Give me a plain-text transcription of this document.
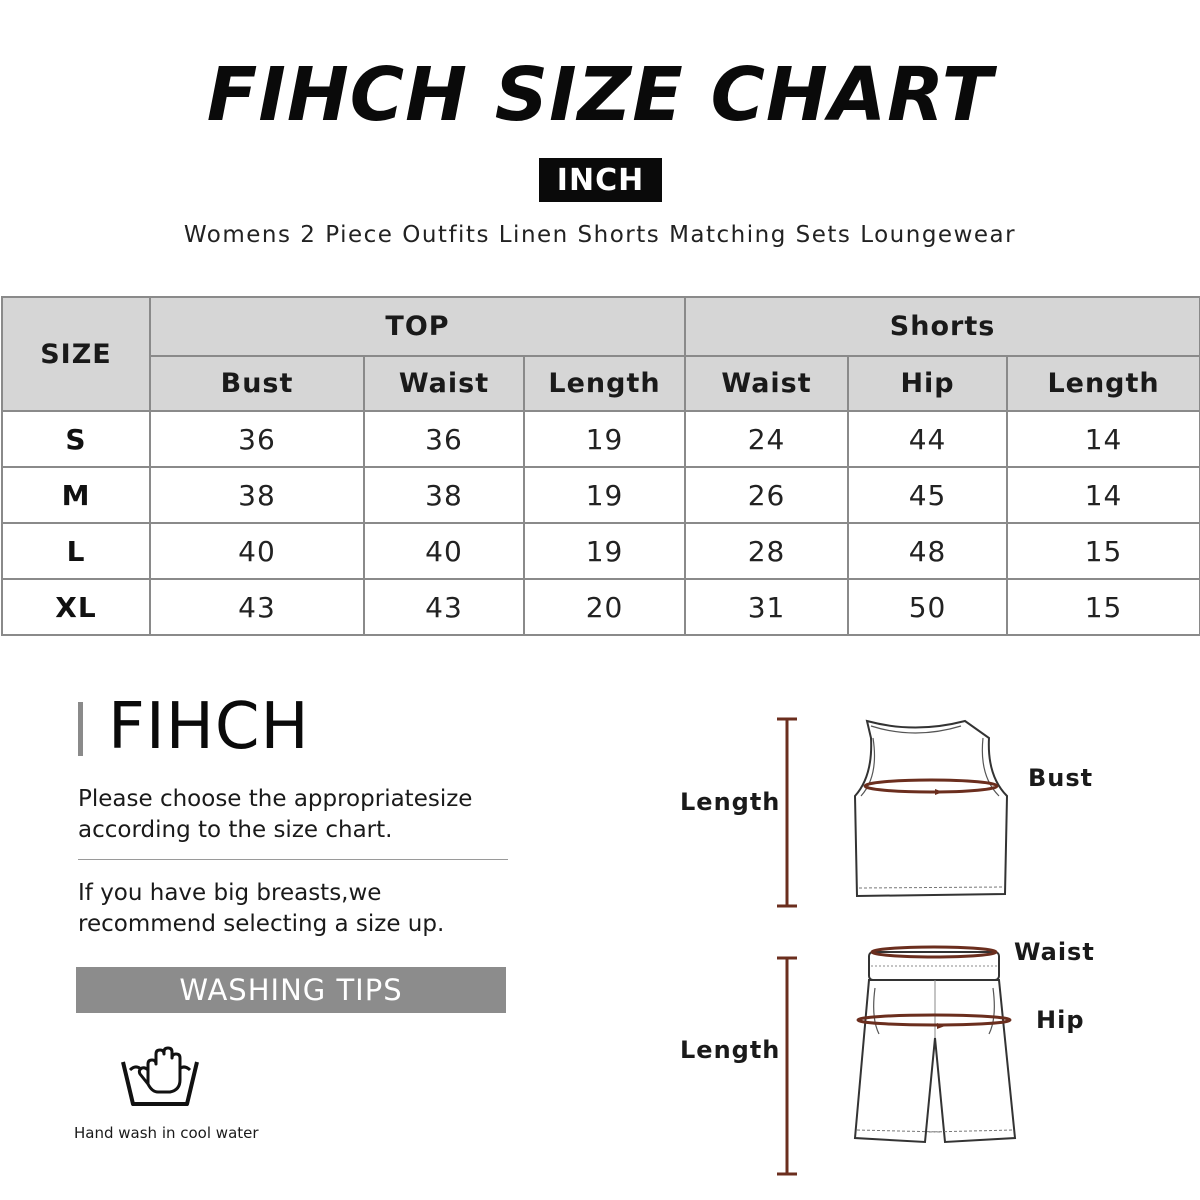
FIHCH SIZE CHART
INCH
Womens 2 Piece Outfits Linen Shorts Matching Sets Loungewear
SIZE	TOP			Shorts		
	Bust	Waist	Length	Waist	Hip	Length
S	36	36	19	24	44	14
M	38	38	19	26	45	14
L	40	40	19	28	48	15
XL	43	43	20	31	50	15
FIHCH
Please choose the appropriatesize according to the size chart.
If you have big breasts,we recommend selecting a size up.
WASHING TIPS
Hand wash in cool water
Length
Bust
Length
Waist
Hip
